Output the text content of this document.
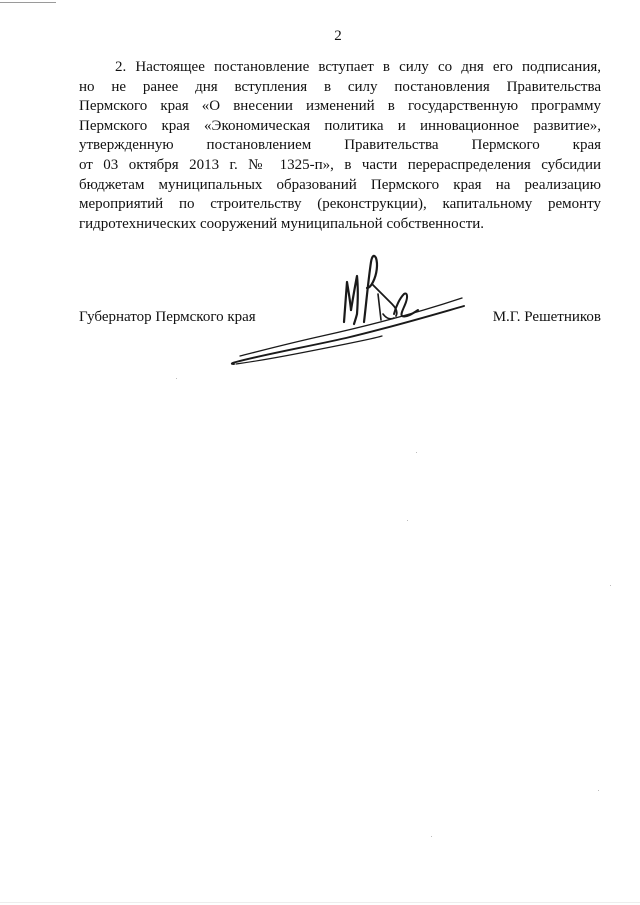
2
2. Настоящее постановление вступает в силу со дня его подписания,
но не ранее дня вступления в силу постановления Правительства
Пермского края «О внесении изменений в государственную программу
Пермского края «Экономическая политика и инновационное развитие»,
утвержденную постановлением Правительства Пермского края
от 03 октября 2013 г. № 1325-п», в части перераспределения субсидии
бюджетам муниципальных образований Пермского края на реализацию
мероприятий по строительству (реконструкции), капитальному ремонту
гидротехнических сооружений муниципальной собственности.
Губернатор Пермского края	М.Г. Решетников
